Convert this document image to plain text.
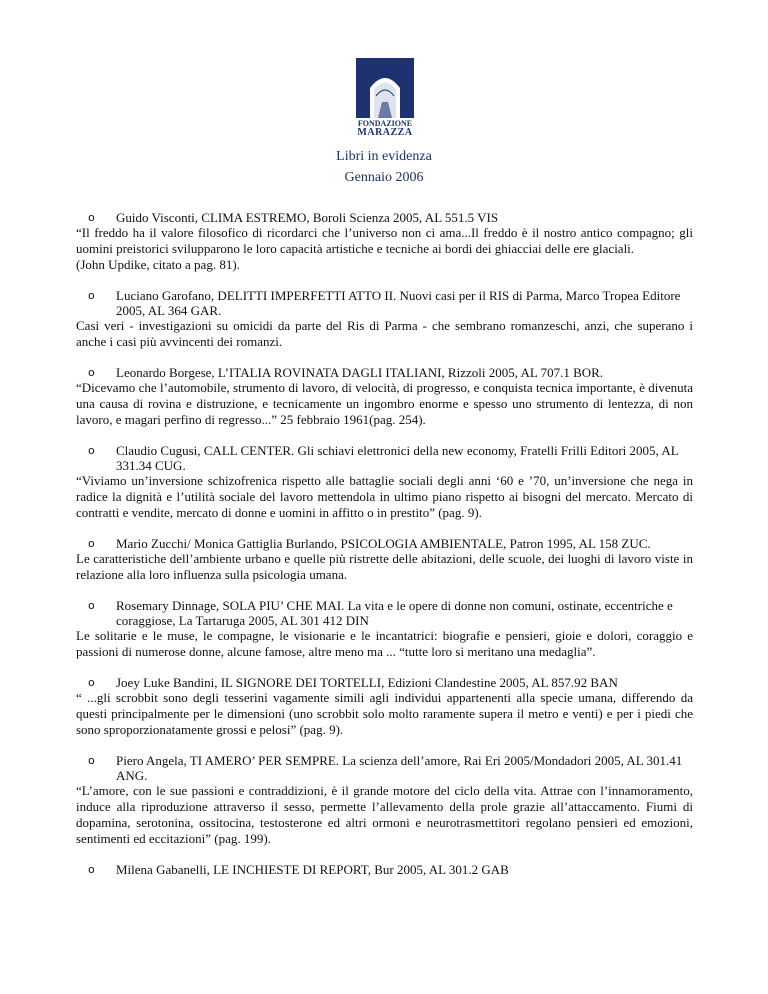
FONDAZIONE
MARAZZA
Libri in evidenza
Gennaio 2006
o Guido Visconti, CLIMA ESTREMO, Boroli Scienza 2005, AL 551.5 VIS
“Il freddo ha il valore filosofico di ricordarci che l’universo non ci ama...Il freddo è il nostro antico compagno; gli uomini preistorici svilupparono le loro capacità artistiche e tecniche ai bordi dei ghiacciai delle ere glaciali.
(John Updike, citato a pag. 81).
o Luciano Garofano, DELITTI IMPERFETTI ATTO II. Nuovi casi per il RIS di Parma, Marco Tropea Editore 2005, AL 364 GAR.
Casi veri - investigazioni su omicidi da parte del Ris di Parma - che sembrano romanzeschi, anzi, che superano i anche i casi più avvincenti dei romanzi.
o Leonardo Borgese, L’ITALIA ROVINATA DAGLI ITALIANI, Rizzoli 2005, AL 707.1 BOR.
“Dicevamo che l’automobile, strumento di lavoro, di velocità, di progresso, e conquista tecnica importante, è divenuta una causa di rovina e distruzione, e tecnicamente un ingombro enorme e spesso uno strumento di lentezza, di non lavoro, e magari perfino di regresso...” 25 febbraio 1961(pag. 254).
o Claudio Cugusi, CALL CENTER. Gli schiavi elettronici della new economy, Fratelli Frilli Editori 2005, AL 331.34 CUG.
“Viviamo un’inversione schizofrenica rispetto alle battaglie sociali degli anni ‘60 e ’70, un’inversione che nega in radice la dignità e l’utilità sociale del lavoro mettendola in ultimo piano rispetto ai bisogni del mercato. Mercato di contratti e vendite, mercato di donne e uomini in affitto o in prestito” (pag. 9).
o Mario Zucchi/ Monica Gattiglia Burlando, PSICOLOGIA AMBIENTALE, Patron 1995, AL 158 ZUC.
Le caratteristiche dell’ambiente urbano e quelle più ristrette delle abitazioni, delle scuole, dei luoghi di lavoro viste in relazione alla loro influenza sulla psicologia umana.
o Rosemary Dinnage, SOLA PIU’ CHE MAI. La vita e le opere di donne non comuni, ostinate, eccentriche e coraggiose, La Tartaruga 2005, AL 301 412 DIN
Le solitarie e le muse, le compagne, le visionarie e le incantatrici: biografie e pensieri, gioie e dolori, coraggio e passioni di numerose donne, alcune famose, altre meno ma ... “tutte loro si meritano una medaglia”.
o Joey Luke Bandini, IL SIGNORE DEI TORTELLI, Edizioni Clandestine 2005, AL 857.92 BAN
“ ...gli scrobbit sono degli tesserini vagamente simili agli individui appartenenti alla specie umana, differendo da questi principalmente per le dimensioni (uno scrobbit solo molto raramente supera il metro e venti) e per i piedi che sono sproporzionatamente grossi e pelosi” (pag. 9).
o Piero Angela, TI AMERO’ PER SEMPRE. La scienza dell’amore, Rai Eri 2005/Mondadori 2005, AL 301.41 ANG.
“L’amore, con le sue passioni e contraddizioni, è il grande motore del ciclo della vita. Attrae con l’innamoramento, induce alla riproduzione attraverso il sesso, permette l’allevamento della prole grazie all’attaccamento. Fiumi di dopamina, serotonina, ossitocina, testosterone ed altri ormoni e neurotrasmettitori regolano pensieri ed emozioni, sentimenti ed eccitazioni” (pag. 199).
o Milena Gabanelli, LE INCHIESTE DI REPORT, Bur 2005, AL 301.2 GAB
